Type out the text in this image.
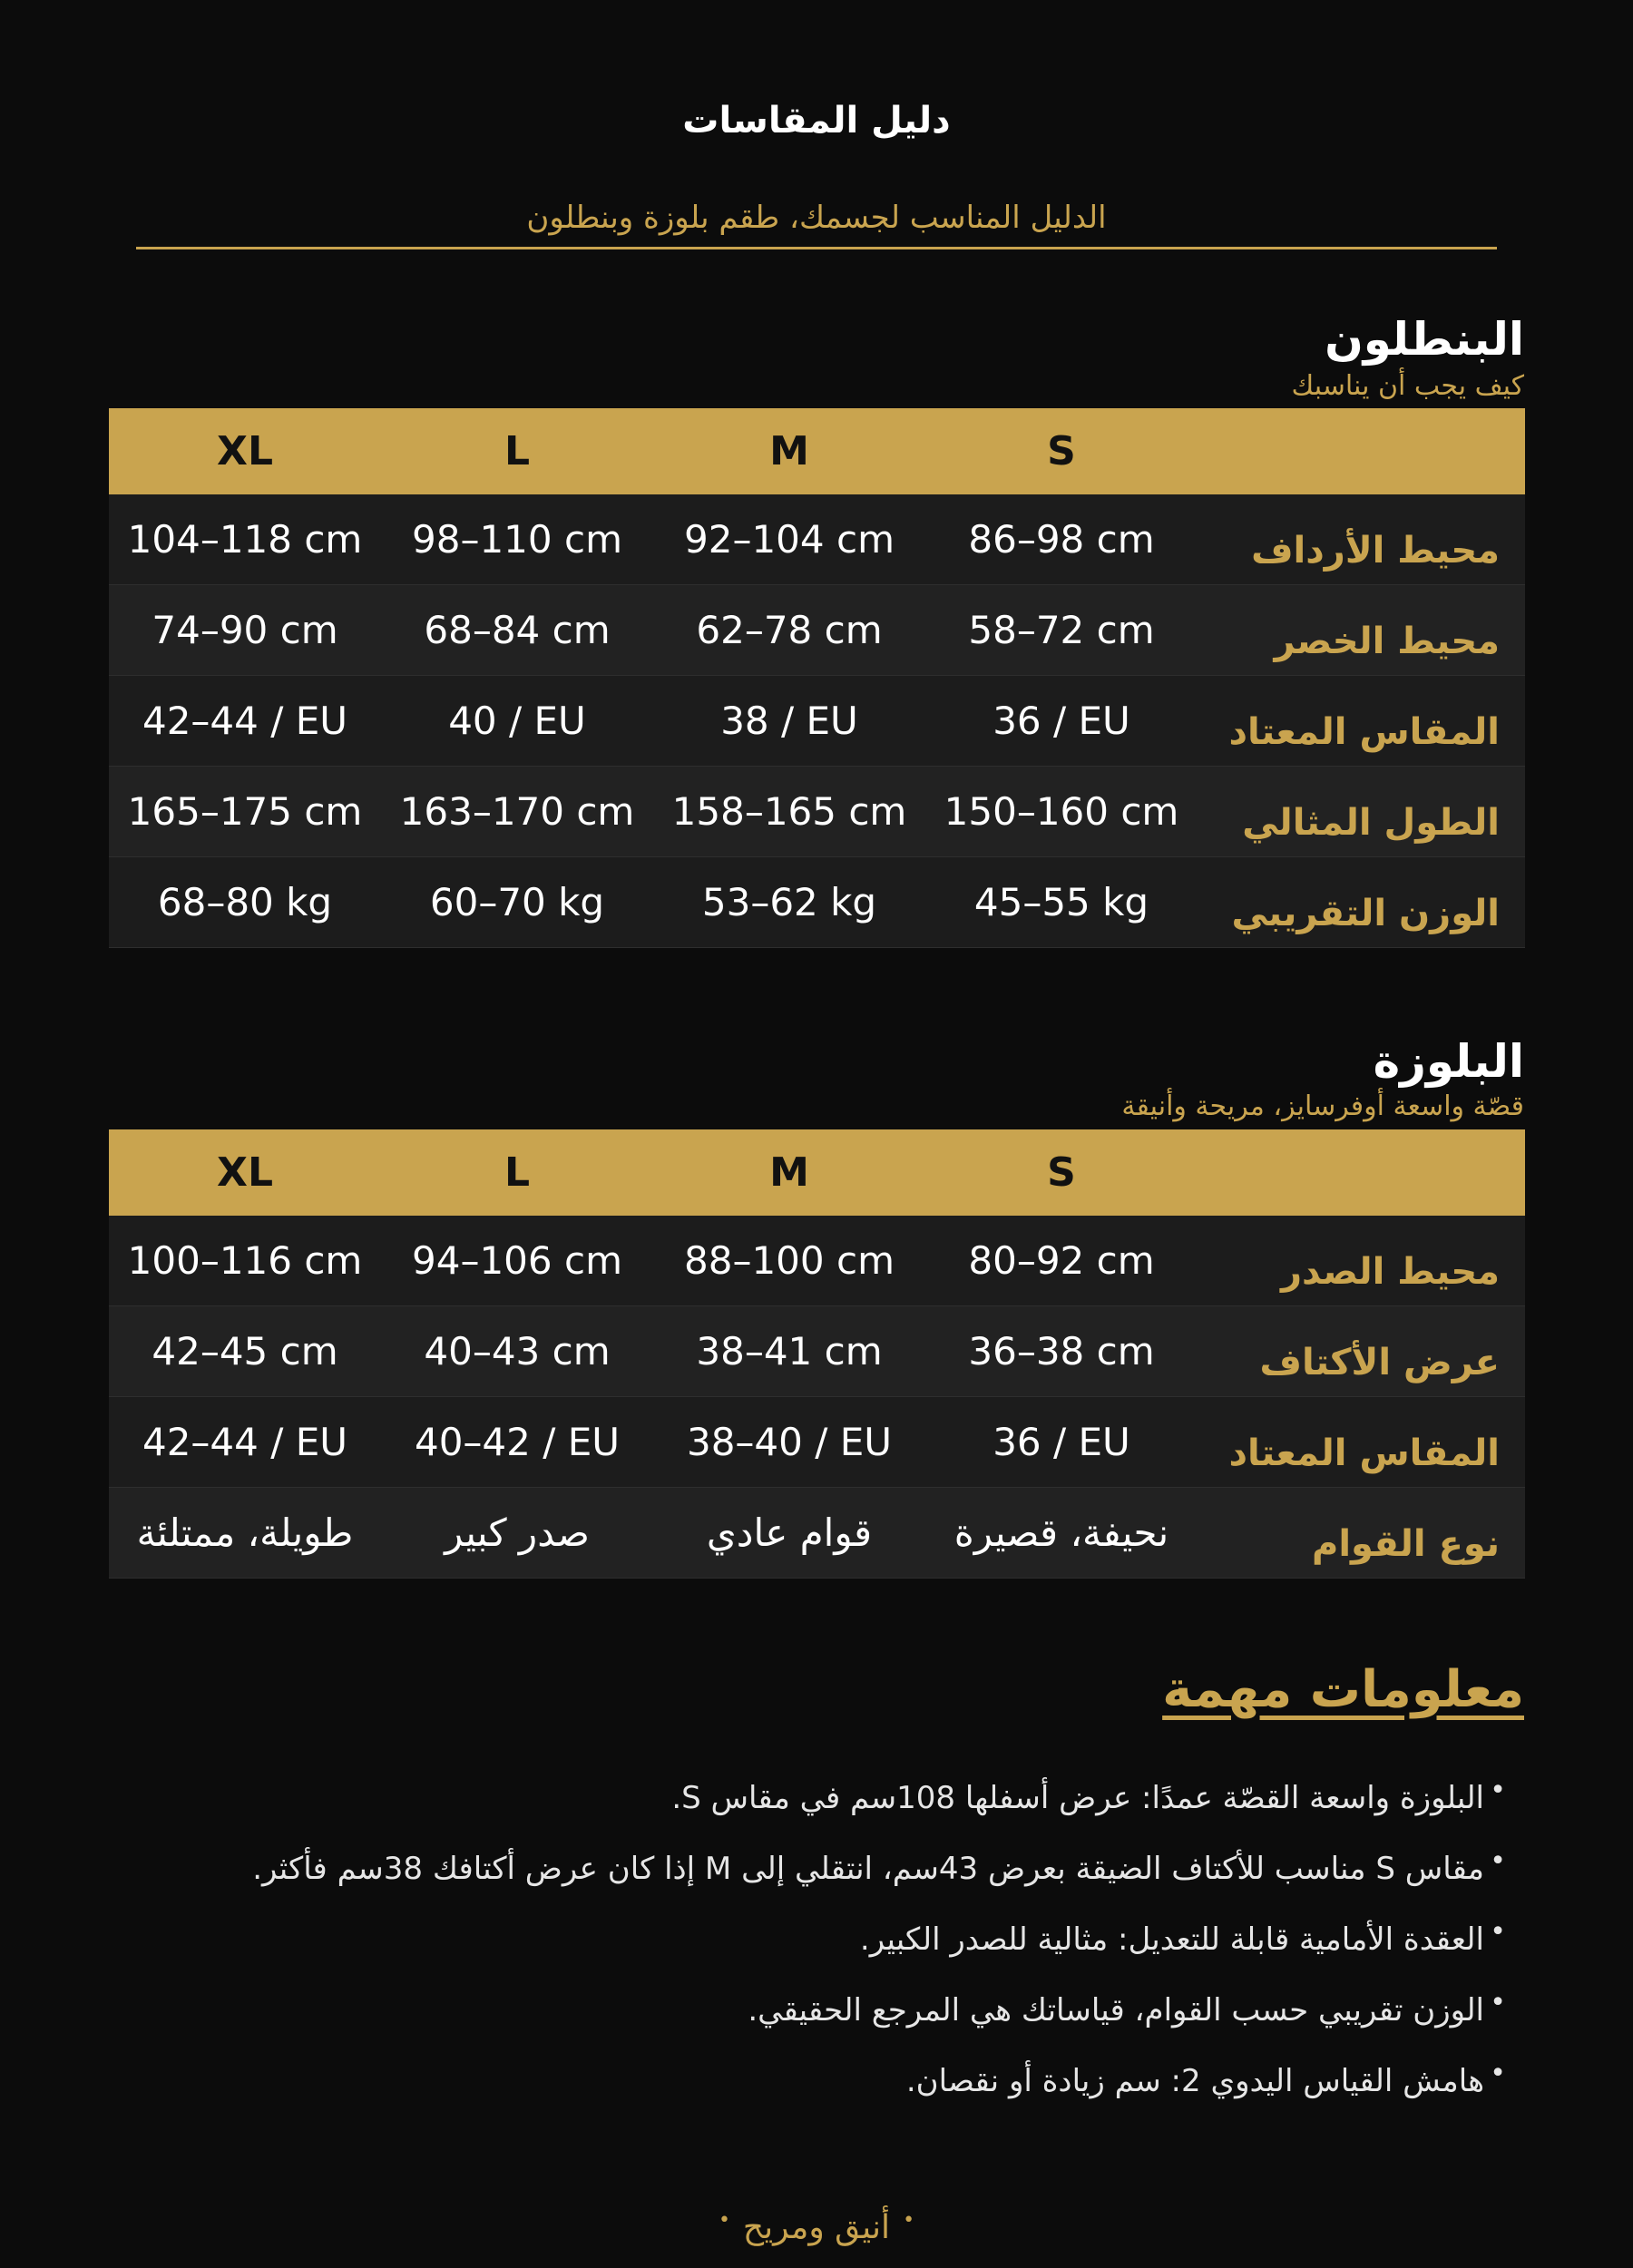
دليل المقاسات
الدليل المناسب لجسمك، طقم بلوزة وبنطلون
البنطلون
كيف يجب أن يناسبك
XL	L	M	S	
104–118 cm	98–110 cm	92–104 cm	86–98 cm	محيط الأرداف
74–90 cm	68–84 cm	62–78 cm	58–72 cm	محيط الخصر
42–44 / EU	40 / EU	38 / EU	36 / EU	المقاس المعتاد
165–175 cm	163–170 cm	158–165 cm	150–160 cm	الطول المثالي
68–80 kg	60–70 kg	53–62 kg	45–55 kg	الوزن التقريبي
البلوزة
قصّة واسعة أوفرسايز، مريحة وأنيقة
XL	L	M	S	
100–116 cm	94–106 cm	88–100 cm	80–92 cm	محيط الصدر
42–45 cm	40–43 cm	38–41 cm	36–38 cm	عرض الأكتاف
42–44 / EU	40–42 / EU	38–40 / EU	36 / EU	المقاس المعتاد
طويلة، ممتلئة	صدر كبير	قوام عادي	نحيفة، قصيرة	نوع القوام
معلومات مهمة
•
البلوزة واسعة القصّة عمدًا: عرض أسفلها 108سم في مقاس S.
•
مقاس S مناسب للأكتاف الضيقة بعرض 43سم، انتقلي إلى M إذا كان عرض أكتافك 38سم فأكثر.
•
العقدة الأمامية قابلة للتعديل: مثالية للصدر الكبير.
•
الوزن تقريبي حسب القوام، قياساتك هي المرجع الحقيقي.
•
هامش القياس اليدوي 2: سم زيادة أو نقصان.
•أنيق ومريح•
